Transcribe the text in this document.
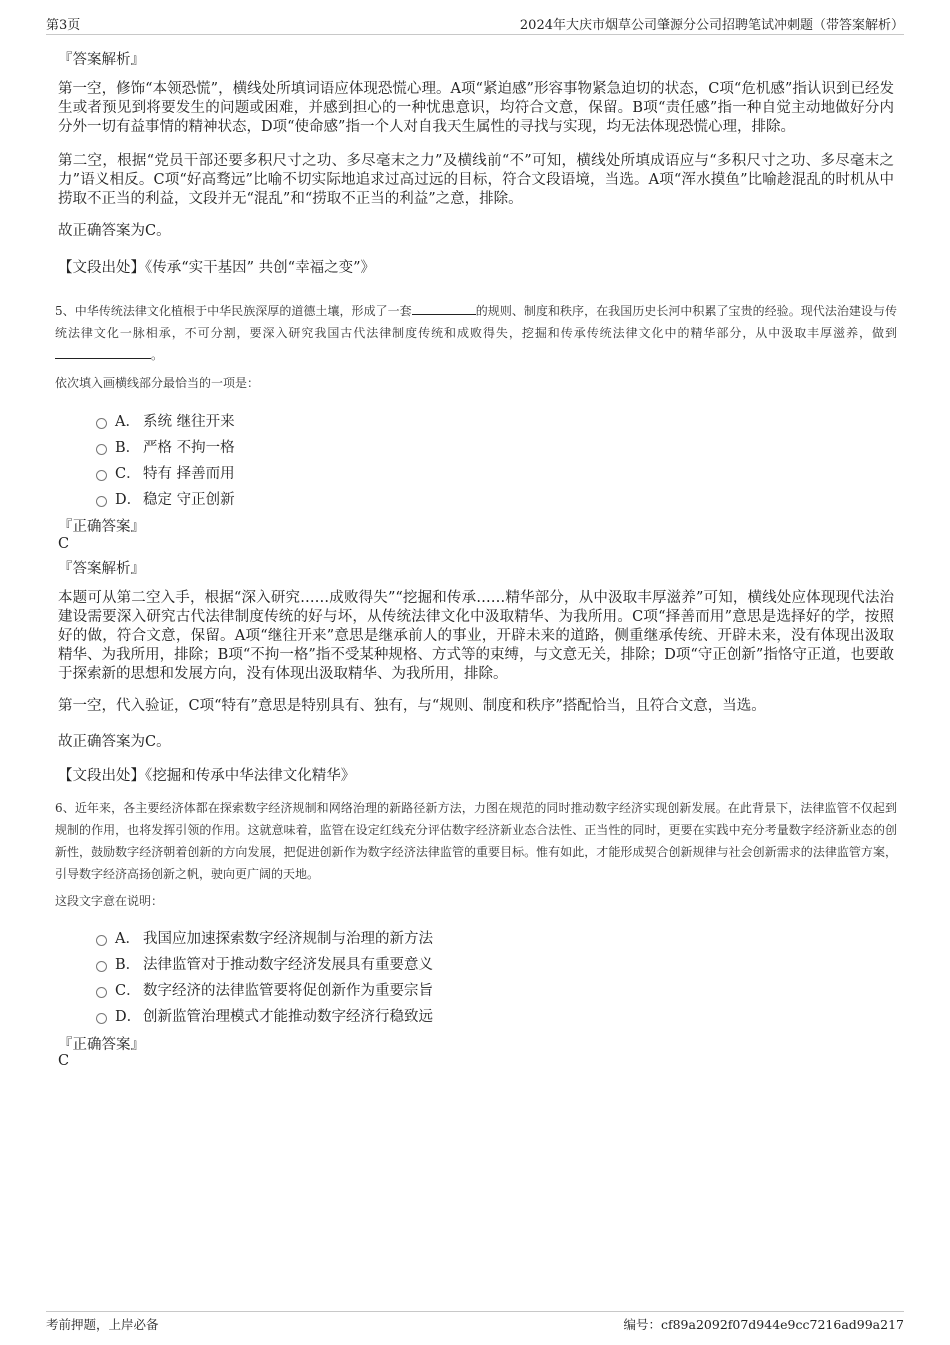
第3页	2024年大庆市烟草公司肇源分公司招聘笔试冲刺题（带答案解析）
『答案解析』
第一空，修饰“本领恐慌”，横线处所填词语应体现恐慌心理。A项“紧迫感”形容事物紧急迫切的状态，C项“危机感”指认识到已经发生或者预见到将要发生的问题或困难，并感到担心的一种忧患意识，均符合文意，保留。B项“责任感”指一种自觉主动地做好分内分外一切有益事情的精神状态，D项“使命感”指一个人对自我天生属性的寻找与实现，均无法体现恐慌心理，排除。
第二空，根据“党员干部还要多积尺寸之功、多尽毫末之力”及横线前“不”可知，横线处所填成语应与“多积尺寸之功、多尽毫末之力”语义相反。C项“好高骛远”比喻不切实际地追求过高过远的目标，符合文段语境，当选。A项“浑水摸鱼”比喻趁混乱的时机从中捞取不正当的利益，文段并无“混乱”和“捞取不正当的利益”之意，排除。
故正确答案为C。
【文段出处】《传承“实干基因” 共创“幸福之变”》
5、中华传统法律文化植根于中华民族深厚的道德土壤，形成了一套	的规则、制度和秩序，在我国历史长河中积累了宝贵的经验。现代法治建设与传统法律文化一脉相承，不可分割，要深入研究我国古代法律制度传统和成败得失，挖掘和传承传统法律文化中的精华部分，从中汲取丰厚滋养，做到。
依次填入画横线部分最恰当的一项是：
A． 系统 继往开来
B． 严格 不拘一格
C． 特有 择善而用
D． 稳定 守正创新
『正确答案』
C
『答案解析』
本题可从第二空入手，根据“深入研究……成败得失”“挖掘和传承……精华部分，从中汲取丰厚滋养”可知，横线处应体现现代法治建设需要深入研究古代法律制度传统的好与坏，从传统法律文化中汲取精华、为我所用。C项“择善而用”意思是选择好的学，按照好的做，符合文意，保留。A项“继往开来”意思是继承前人的事业，开辟未来的道路，侧重继承传统、开辟未来，没有体现出汲取精华、为我所用，排除；B项“不拘一格”指不受某种规格、方式等的束缚，与文意无关，排除；D项“守正创新”指恪守正道，也要敢于探索新的思想和发展方向，没有体现出汲取精华、为我所用，排除。
第一空，代入验证，C项“特有”意思是特别具有、独有，与“规则、制度和秩序”搭配恰当，且符合文意，当选。
故正确答案为C。
【文段出处】《挖掘和传承中华法律文化精华》
6、近年来，各主要经济体都在探索数字经济规制和网络治理的新路径新方法，力图在规范的同时推动数字经济实现创新发展。在此背景下，法律监管不仅起到规制的作用，也将发挥引领的作用。这就意味着，监管在设定红线充分评估数字经济新业态合法性、正当性的同时，更要在实践中充分考量数字经济新业态的创新性，鼓励数字经济朝着创新的方向发展，把促进创新作为数字经济法律监管的重要目标。惟有如此，才能形成契合创新规律与社会创新需求的法律监管方案，引导数字经济高扬创新之帆，驶向更广阔的天地。
这段文字意在说明：
A． 我国应加速探索数字经济规制与治理的新方法
B． 法律监管对于推动数字经济发展具有重要意义
C． 数字经济的法律监管要将促创新作为重要宗旨
D． 创新监管治理模式才能推动数字经济行稳致远
『正确答案』
C
考前押题，上岸必备	编号：cf89a2092f07d944e9cc7216ad99a217
